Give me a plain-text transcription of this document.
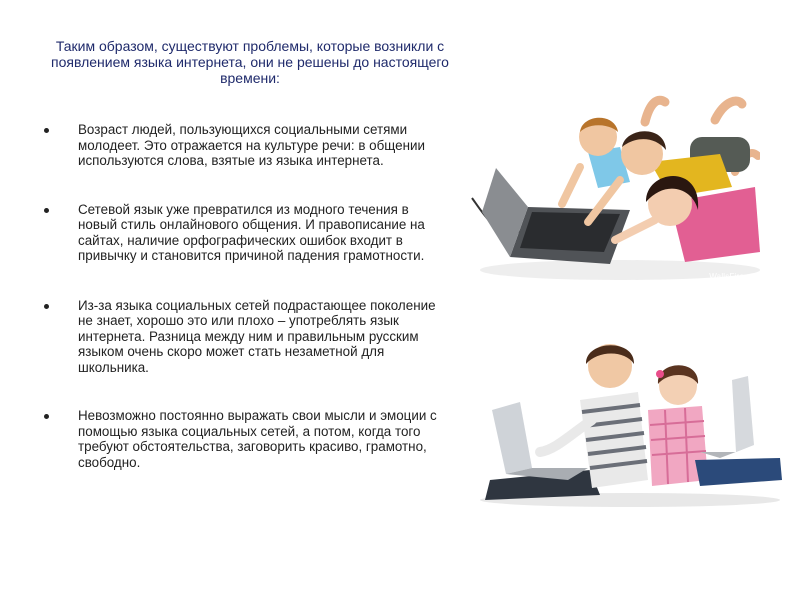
Таким образом, существуют проблемы, которые возникли с появлением языка интернета, они не решены до настоящего времени:
Возраст людей, пользующихся социальными сетями молодеет. Это отражается на культуре речи: в общении используются слова, взятые из языка интернета.
Сетевой язык уже превратился из модного течения в новый стиль онлайнового общения. И правописание на сайтах, наличие орфографических ошибок входит в привычку и становится причиной падения грамотности.
Из-за языка социальных сетей подрастающее поколение не знает, хорошо это или плохо – употреблять язык интернета. Разница между ним и правильным русским языком очень скоро может стать незаметной для школьника.
Невозможно постоянно выражать свои мысли и эмоции с помощью языка социальных сетей, а потом, когда того требуют обстоятельства, заговорить красиво, грамотно, свободно.
WallsFire.ru
